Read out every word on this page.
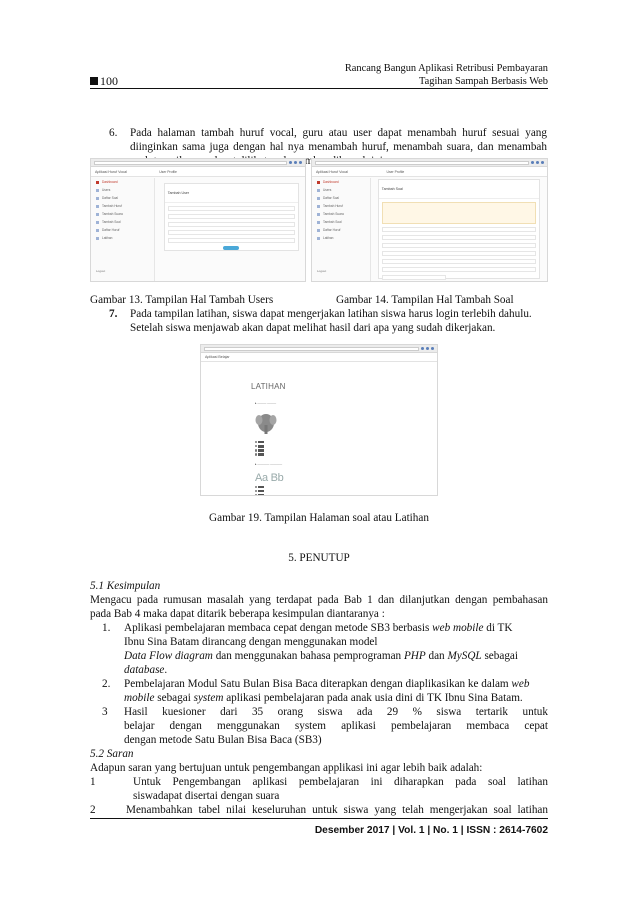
Rancang Bangun Aplikasi Retribusi Pembayaran
Tagihan Sampah Berbasis Web
100
6. Pada halaman tambah huruf vocal, guru atau user dapat menambah huruf sesuai yang
diinginkan sama juga dengan hal nya menambah huruf, menambah suara, dan menambah
Aplikasi Huruf Vocal	User Profile
Dashboard
Users
Daftar Soal
Tambah Huruf
Tambah Suara
Tambah Soal
Daftar Huruf
Latihan
Logout
Tambah User
Aplikasi Huruf Vocal	User Profile
Dashboard
Users
Daftar Soal
Tambah Huruf
Tambah Suara
Tambah Soal
Daftar Huruf
Latihan
Logout
Tambah Soal
Gambar 13. Tampilan Hal Tambah Users	Gambar 14. Tampilan Hal Tambah Soal
7. Pada tampilan latihan, siswa dapat mengerjakan latihan siswa harus login terlebih dahulu.
Setelah siswa menjawab akan dapat melihat hasil dari apa yang sudah dikerjakan.
Aplikasi Belajar
LATIHAN
▸ ——— ———
▸ ———— ————
Aa Bb
Gambar 19. Tampilan Halaman soal atau Latihan
5. PENUTUP
5.1 Kesimpulan
Mengacu pada rumusan masalah yang terdapat pada Bab 1 dan dilanjutkan dengan pembahasan
pada Bab 4 maka dapat ditarik beberapa kesimpulan diantaranya :
1. Aplikasi pembelajaran membaca cepat dengan metode SB3 berbasis web mobile di TK
Ibnu Sina Batam dirancang dengan menggunakan model
Data Flow diagram dan menggunakan bahasa pemprograman PHP dan MySQL sebagai
database.
2. Pembelajaran Modul Satu Bulan Bisa Baca diterapkan dengan diaplikasikan ke dalam web
mobile sebagai system aplikasi pembelajaran pada anak usia dini di TK Ibnu Sina Batam.
3 Hasil kuesioner dari 35 orang siswa ada 29 % siswa tertarik untuk
belajar dengan menggunakan system aplikasi pembelajaran membaca cepat
dengan metode Satu Bulan Bisa Baca (SB3)
5.2 Saran
Adapun saran yang bertujuan untuk pengembangan applikasi ini agar lebih baik adalah:
1	Untuk Pengembangan aplikasi pembelajaran ini diharapkan pada soal latihan
siswadapat disertai dengan suara
2	Menambahkan tabel nilai keseluruhan untuk siswa yang telah mengerjakan soal latihan
Desember 2017 | Vol. 1 | No. 1 | ISSN : 2614-7602
